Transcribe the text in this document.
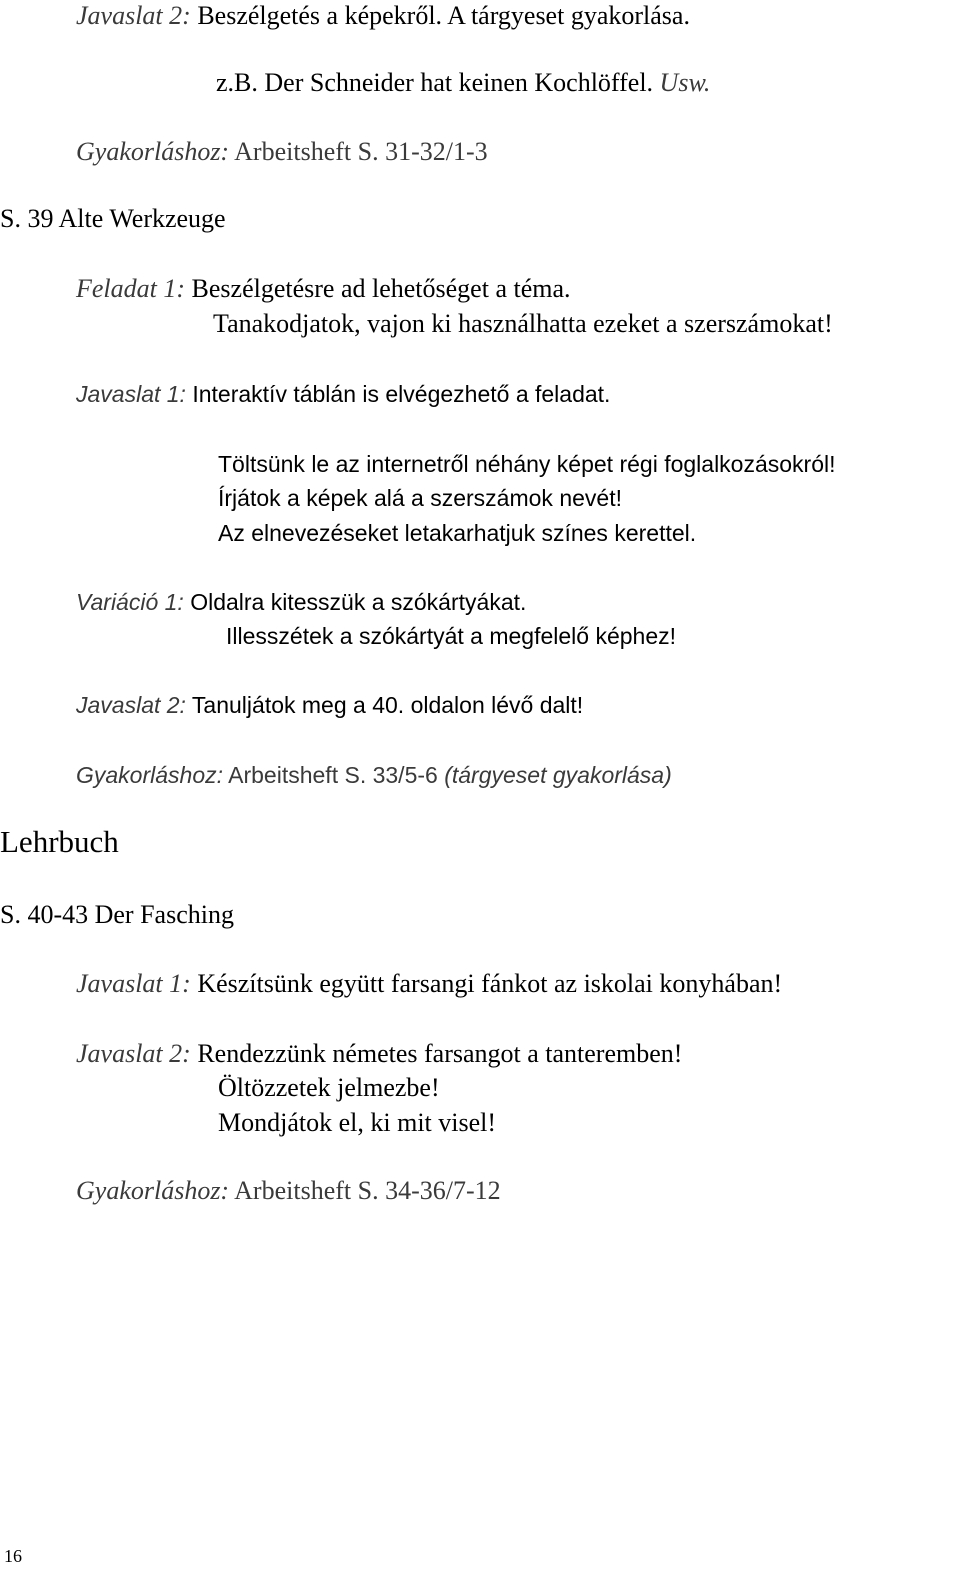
Javaslat 2: Beszélgetés a képekről. A tárgyeset gyakorlása.
z.B. Der Schneider hat keinen Kochlöffel. Usw.
Gyakorláshoz: Arbeitsheft S. 31-32/1-3
S. 39 Alte Werkzeuge
Feladat 1: Beszélgetésre ad lehetőséget a téma.
Tanakodjatok, vajon ki használhatta ezeket a szerszámokat!
Javaslat 1: Interaktív táblán is elvégezhető a feladat.
Töltsünk le az internetről néhány képet régi foglalkozásokról!
Írjátok a képek alá a szerszámok nevét!
Az elnevezéseket letakarhatjuk színes kerettel.
Variáció 1: Oldalra kitesszük a szókártyákat.
Illesszétek a szókártyát a megfelelő képhez!
Javaslat 2: Tanuljátok meg a 40. oldalon lévő dalt!
Gyakorláshoz: Arbeitsheft S. 33/5-6 (tárgyeset gyakorlása)
Lehrbuch
S. 40-43 Der Fasching
Javaslat 1: Készítsünk együtt farsangi fánkot az iskolai konyhában!
Javaslat 2: Rendezzünk németes farsangot a tanteremben!
Öltözzetek jelmezbe!
Mondjátok el, ki mit visel!
Gyakorláshoz: Arbeitsheft S. 34-36/7-12
16
